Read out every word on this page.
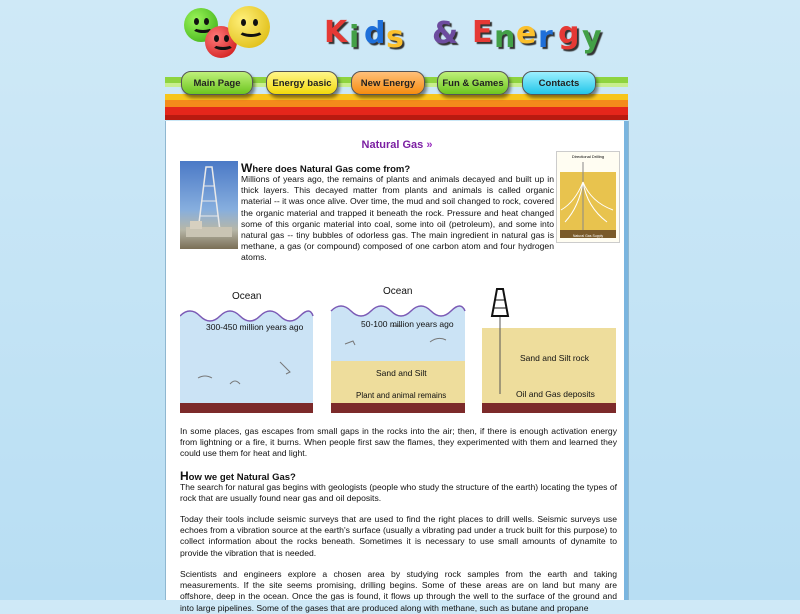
K i d s & E n e r g y
Main Page	Energy basic	New Energy	Fun & Games	Contacts
Natural Gas »
Where does Natural Gas come from?

Millions of years ago, the remains of plants and animals decayed and built up in thick layers. This decayed matter from plants and animals is called organic material -- it was once alive. Over time, the mud and soil changed to rock, covered the organic material and trapped it beneath the rock. Pressure and heat changed some of this organic material into coal, some into oil (petroleum), and some into natural gas -- tiny bubbles of odorless gas. The main ingredient in natural gas is methane, a gas (or compound) composed of one carbon atom and four hydrogen atoms.

Directional Drilling
Natural Gas Supply
Ocean
300-450 million years ago
Ocean
50-100 million years ago
Sand and Silt
Plant and animal remains
Sand and Silt rock
Oil and Gas deposits

In some places, gas escapes from small gaps in the rocks into the air; then, if there is enough activation energy from lightning or a fire, it burns. When people first saw the flames, they experimented with them and learned they could use them for heat and light.

How we get Natural Gas?

The search for natural gas begins with geologists (people who study the structure of the earth) locating the types of rock that are usually found near gas and oil deposits.

Today their tools include seismic surveys that are used to find the right places to drill wells. Seismic surveys use echoes from a vibration source at the earth's surface (usually a vibrating pad under a truck built for this purpose) to collect information about the rocks beneath. Sometimes it is necessary to use small amounts of dynamite to provide the vibration that is needed.

Scientists and engineers explore a chosen area by studying rock samples from the earth and taking measurements. If the site seems promising, drilling begins. Some of these areas are on land but many are offshore, deep in the ocean. Once the gas is found, it flows up through the well to the surface of the ground and into large pipelines. Some of the gases that are produced along with methane, such as butane and propane
